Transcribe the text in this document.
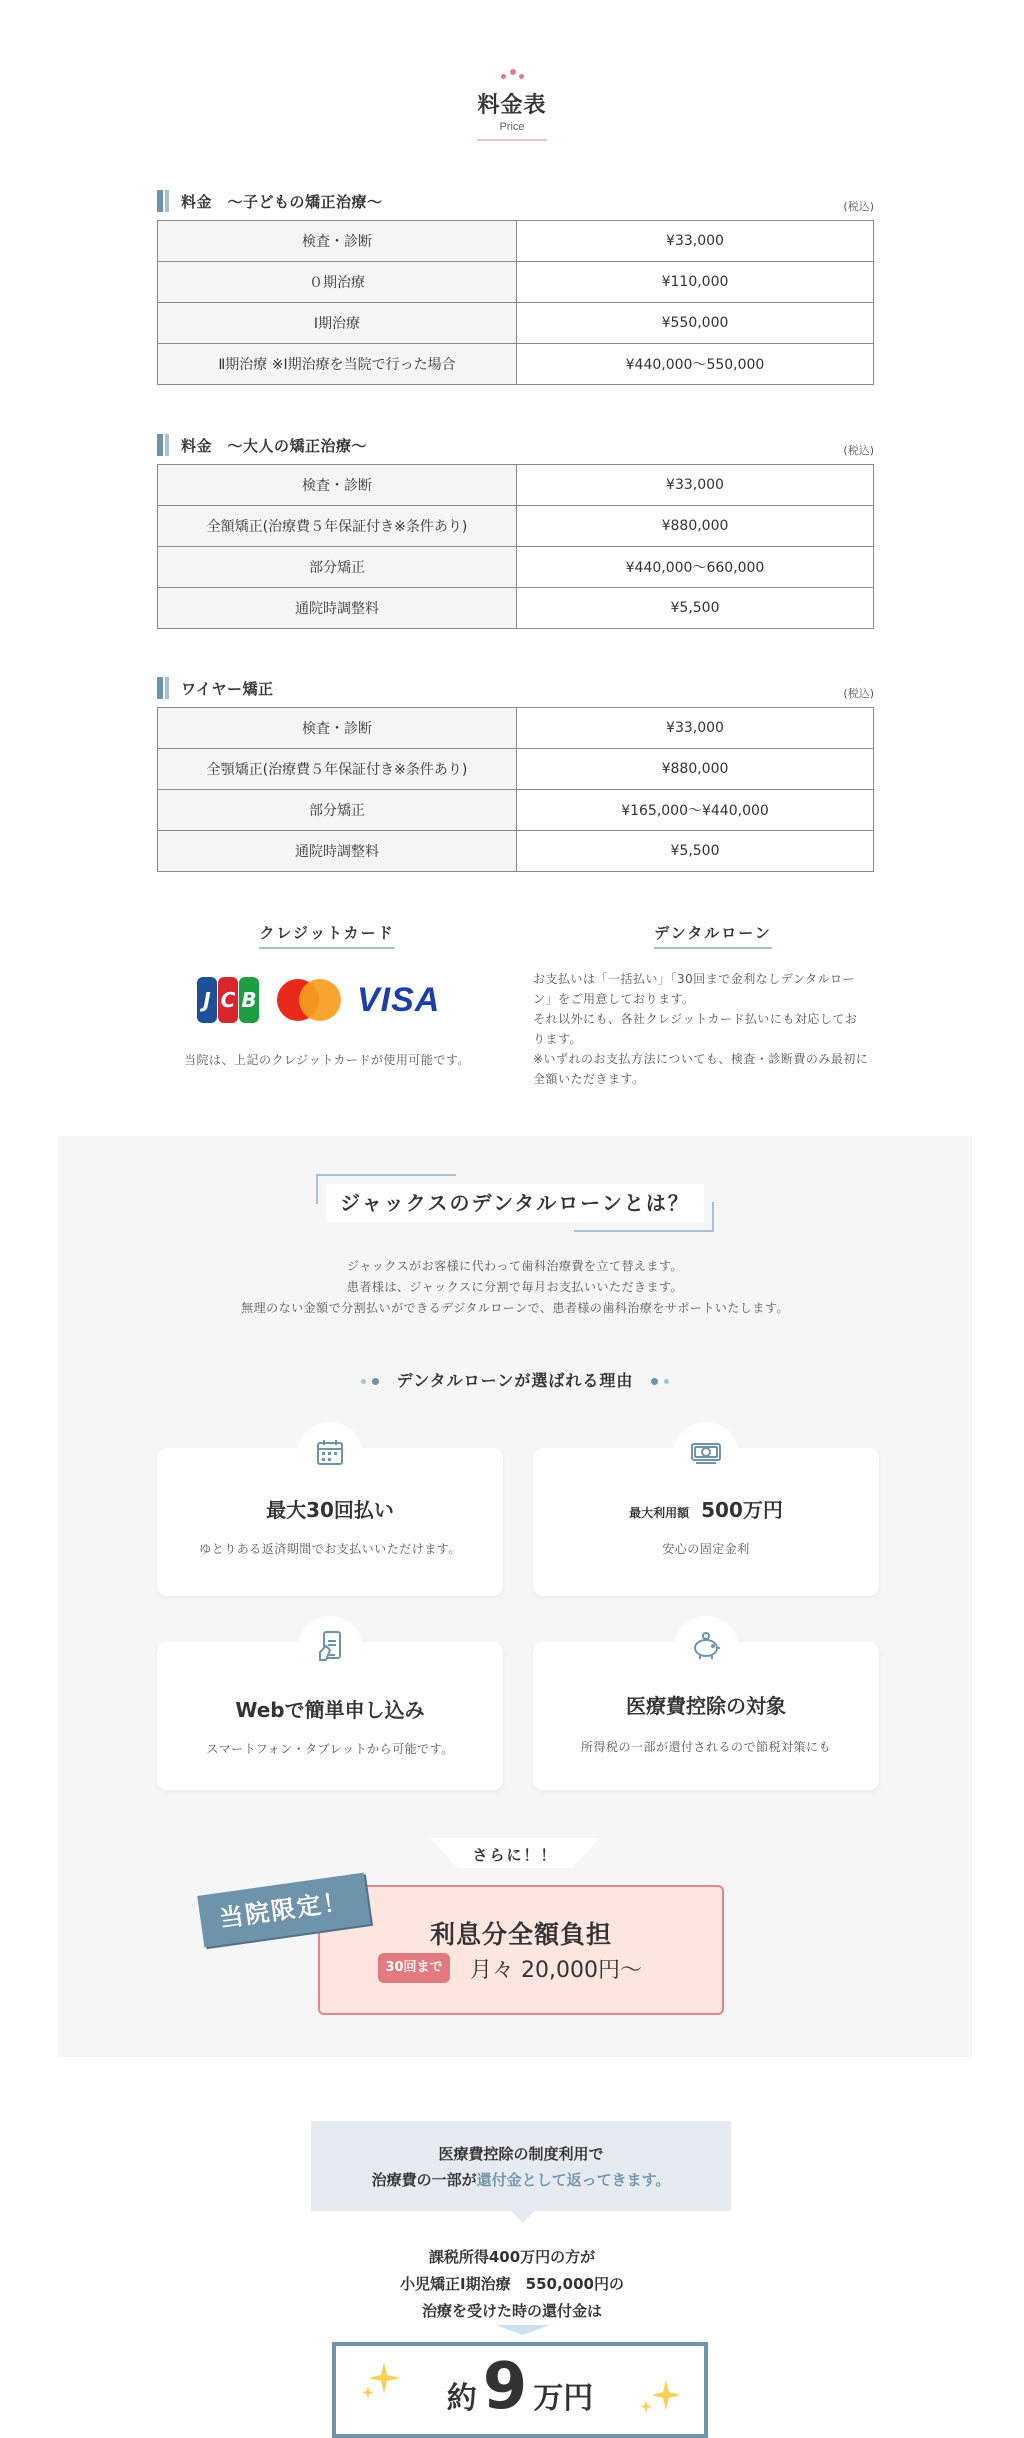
料金表
Price
料金　〜子どもの矯正治療〜	(税込)
検査・診断	¥33,000
０期治療	¥110,000
Ⅰ期治療	¥550,000
Ⅱ期治療 ※Ⅰ期治療を当院で行った場合	¥440,000〜550,000
料金　〜大人の矯正治療〜	(税込)
検査・診断	¥33,000
全額矯正(治療費５年保証付き※条件あり)	¥880,000
部分矯正	¥440,000〜660,000
通院時調整料	¥5,500
ワイヤー矯正	(税込)
検査・診断	¥33,000
全顎矯正(治療費５年保証付き※条件あり)	¥880,000
部分矯正	¥165,000〜¥440,000
通院時調整料	¥5,500
クレジットカード
J C B	VISA
当院は、上記のクレジットカードが使用可能です。
デンタルローン

お支払いは「一括払い」「30回まで金利なしデンタルロー

ン」をご用意しております。

それ以外にも、各社クレジットカード払いにも対応してお

ります。

※いずれのお支払方法についても、検査・診断費のみ最初に

全額いただきます。

ジャックスのデンタルローンとは？
ジャックスがお客様に代わって歯科治療費を立て替えます。
患者様は、ジャックスに分割で毎月お支払いいただきます。
無理のない金額で分割払いができるデジタルローンで、患者様の歯科治療をサポートいたします。
デンタルローンが選ばれる理由
最大30回払い
ゆとりある返済期間でお支払いいただけます。
最大利用額 500万円
安心の固定金利
Webで簡単申し込み
スマートフォン・タブレットから可能です。
医療費控除の対象
所得税の一部が還付されるので節税対策にも
さらに！！
利息分全額負担
30回まで	月々 20,000円〜
当院限定！

医療費控除の制度利用で

治療費の一部が還付金として返ってきます。

課税所得400万円の方が
小児矯正Ⅰ期治療　550,000円の
治療を受けた時の還付金は
約9 万円
